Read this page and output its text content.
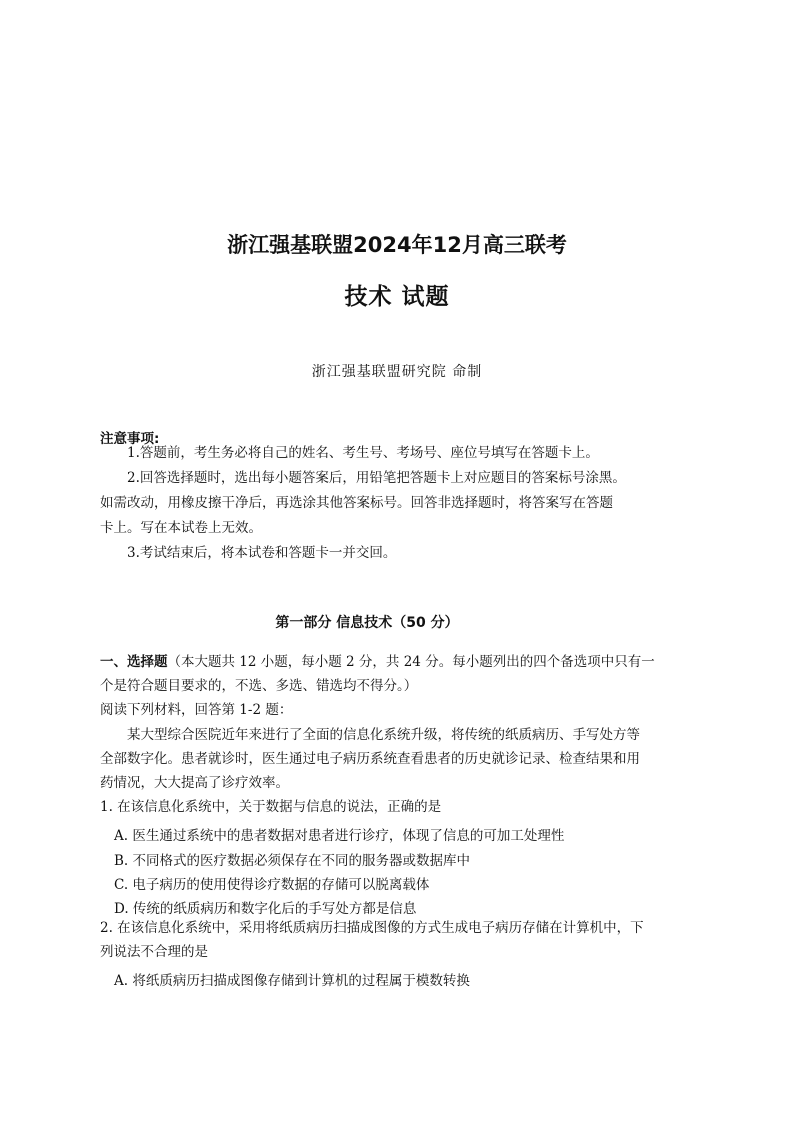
浙江强基联盟2024年12月高三联考
技术 试题
浙江强基联盟研究院 命制
注意事项:
1.答题前，考生务必将自己的姓名、考生号、考场号、座位号填写在答题卡上。
2.回答选择题时，选出每小题答案后，用铅笔把答题卡上对应题目的答案标号涂黑。
如需改动，用橡皮擦干净后，再选涂其他答案标号。回答非选择题时，将答案写在答题
卡上。写在本试卷上无效。
3.考试结束后，将本试卷和答题卡一并交回。
第一部分 信息技术（50 分）
一、选择题（本大题共 12 小题，每小题 2 分，共 24 分。每小题列出的四个备选项中只有一
个是符合题目要求的，不选、多选、错选均不得分。）
阅读下列材料，回答第 1-2 题：
某大型综合医院近年来进行了全面的信息化系统升级，将传统的纸质病历、手写处方等
全部数字化。患者就诊时，医生通过电子病历系统查看患者的历史就诊记录、检查结果和用
药情况，大大提高了诊疗效率。
1. 在该信息化系统中，关于数据与信息的说法，正确的是
A. 医生通过系统中的患者数据对患者进行诊疗，体现了信息的可加工处理性
B. 不同格式的医疗数据必须保存在不同的服务器或数据库中
C. 电子病历的使用使得诊疗数据的存储可以脱离载体
D. 传统的纸质病历和数字化后的手写处方都是信息
2. 在该信息化系统中，采用将纸质病历扫描成图像的方式生成电子病历存储在计算机中，下
列说法不合理的是
A. 将纸质病历扫描成图像存储到计算机的过程属于模数转换
